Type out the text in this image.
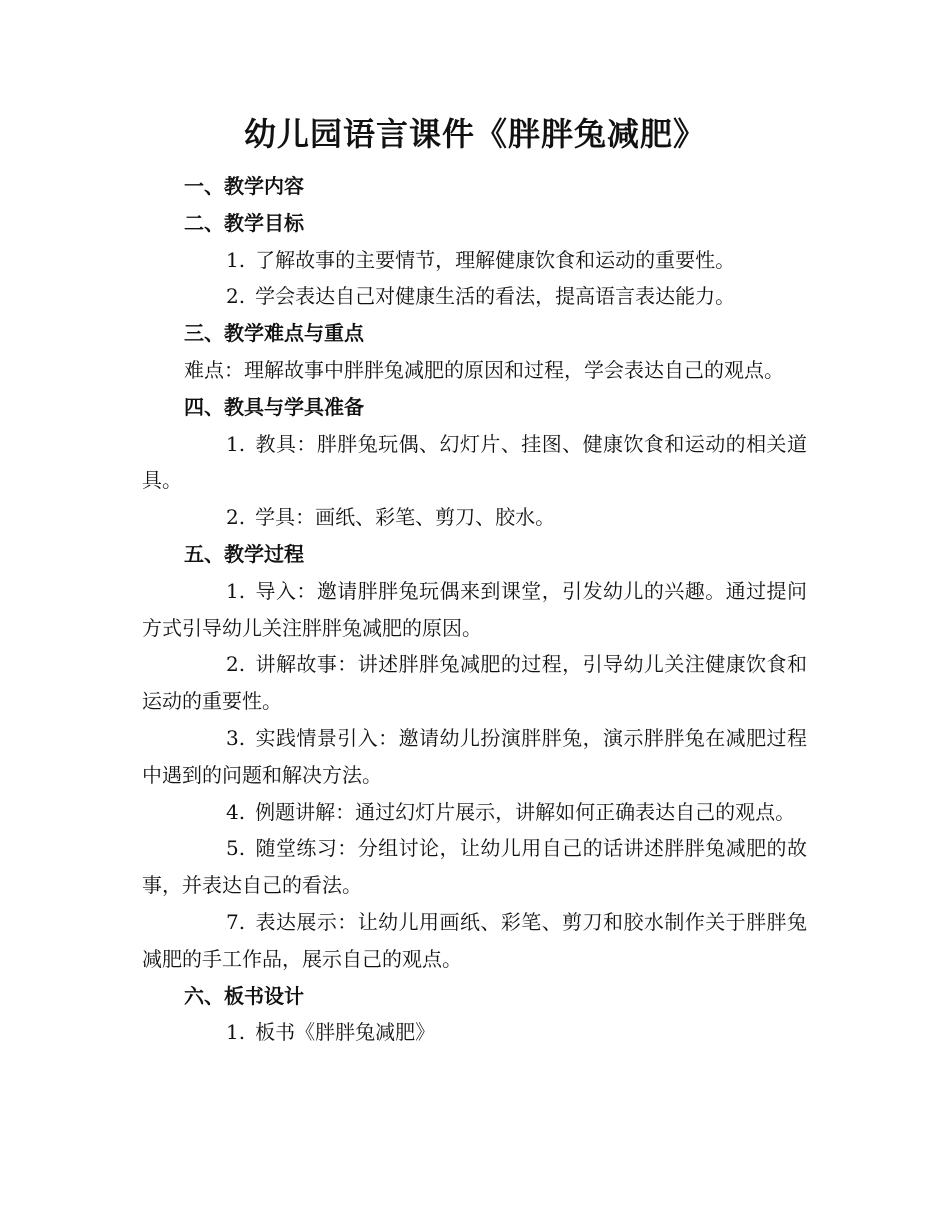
幼儿园语言课件《胖胖兔减肥》

一、教学内容

二、教学目标

1. 了解故事的主要情节，理解健康饮食和运动的重要性。

2. 学会表达自己对健康生活的看法，提高语言表达能力。

三、教学难点与重点

难点：理解故事中胖胖兔减肥的原因和过程，学会表达自己的观点。

四、教具与学具准备

1. 教具：胖胖兔玩偶、幻灯片、挂图、健康饮食和运动的相关道具。

2. 学具：画纸、彩笔、剪刀、胶水。

五、教学过程

1. 导入：邀请胖胖兔玩偶来到课堂，引发幼儿的兴趣。通过提问方式引导幼儿关注胖胖兔减肥的原因。

2. 讲解故事：讲述胖胖兔减肥的过程，引导幼儿关注健康饮食和运动的重要性。

3. 实践情景引入：邀请幼儿扮演胖胖兔，演示胖胖兔在减肥过程中遇到的问题和解决方法。

4. 例题讲解：通过幻灯片展示，讲解如何正确表达自己的观点。

5. 随堂练习：分组讨论，让幼儿用自己的话讲述胖胖兔减肥的故事，并表达自己的看法。

7. 表达展示：让幼儿用画纸、彩笔、剪刀和胶水制作关于胖胖兔减肥的手工作品，展示自己的观点。

六、板书设计

1. 板书《胖胖兔减肥》
